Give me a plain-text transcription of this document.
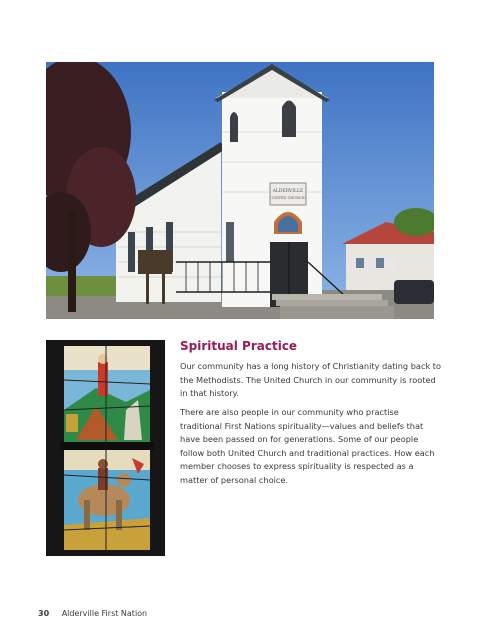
ALDERVILLE
UNITED CHURCH
Spiritual Practice

Our community has a long history of Christianity dating back to the Methodists. The United Church in our community is rooted in that history.

There are also people in our community who practise traditional First Nations spirituality—values and beliefs that have been passed on for generations. Some of our people follow both United Church and traditional practices. How each member chooses to express spirituality is respected as a matter of personal choice.

30 Alderville First Nation
